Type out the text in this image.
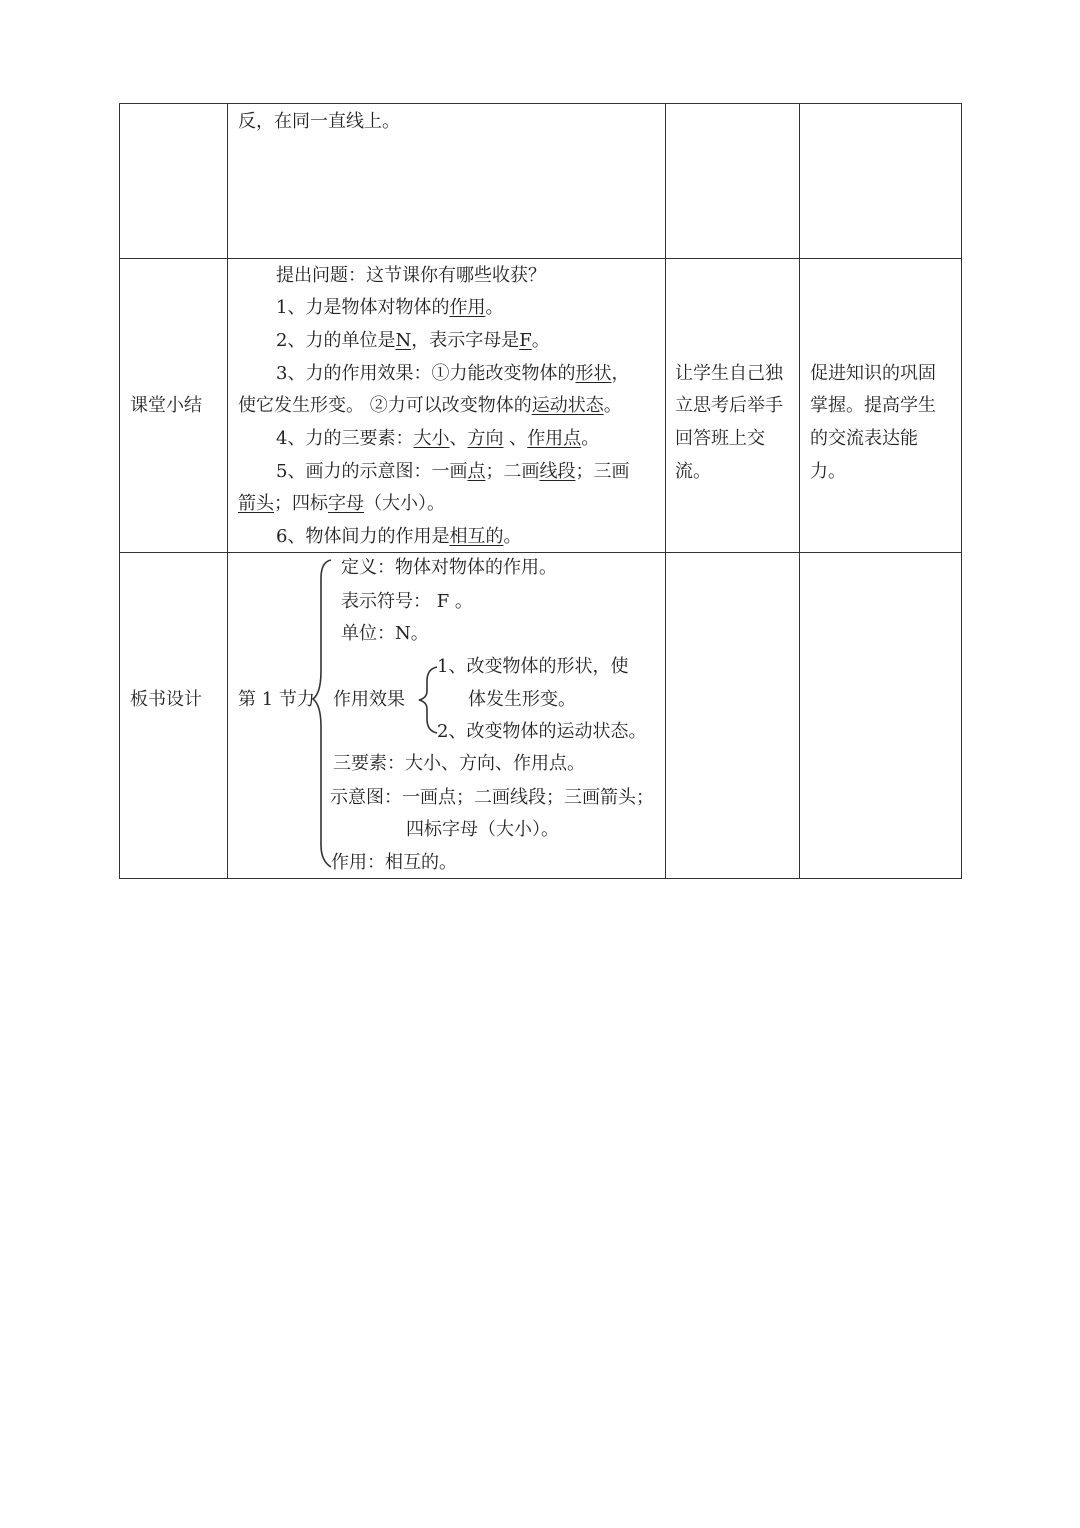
反，在同一直线上。
课堂小结
提出问题：这节课你有哪些收获？
1、力是物体对物体的作用。
2、力的单位是N，表示字母是F。
3、力的作用效果：①力能改变物体的形状，
使它发生形变。 ②力可以改变物体的运动状态。
4、力的三要素：大小、方向 、作用点。
5、画力的示意图：一画点；二画线段；三画
箭头；四标字母（大小）。
6、物体间力的作用是相互的。
让学生自己独
立思考后举手
回答班上交
流。
促进知识的巩固
掌握。提高学生
的交流表达能
力。
板书设计 第 1 节力
定义：物体对物体的作用。
表示符号： F 。
单位：N。
作用效果
1、改变物体的形状，使
体发生形变。
2、改变物体的运动状态。
三要素：大小、方向、作用点。
示意图：一画点；二画线段；三画箭头；
四标字母（大小）。
作用：相互的。
